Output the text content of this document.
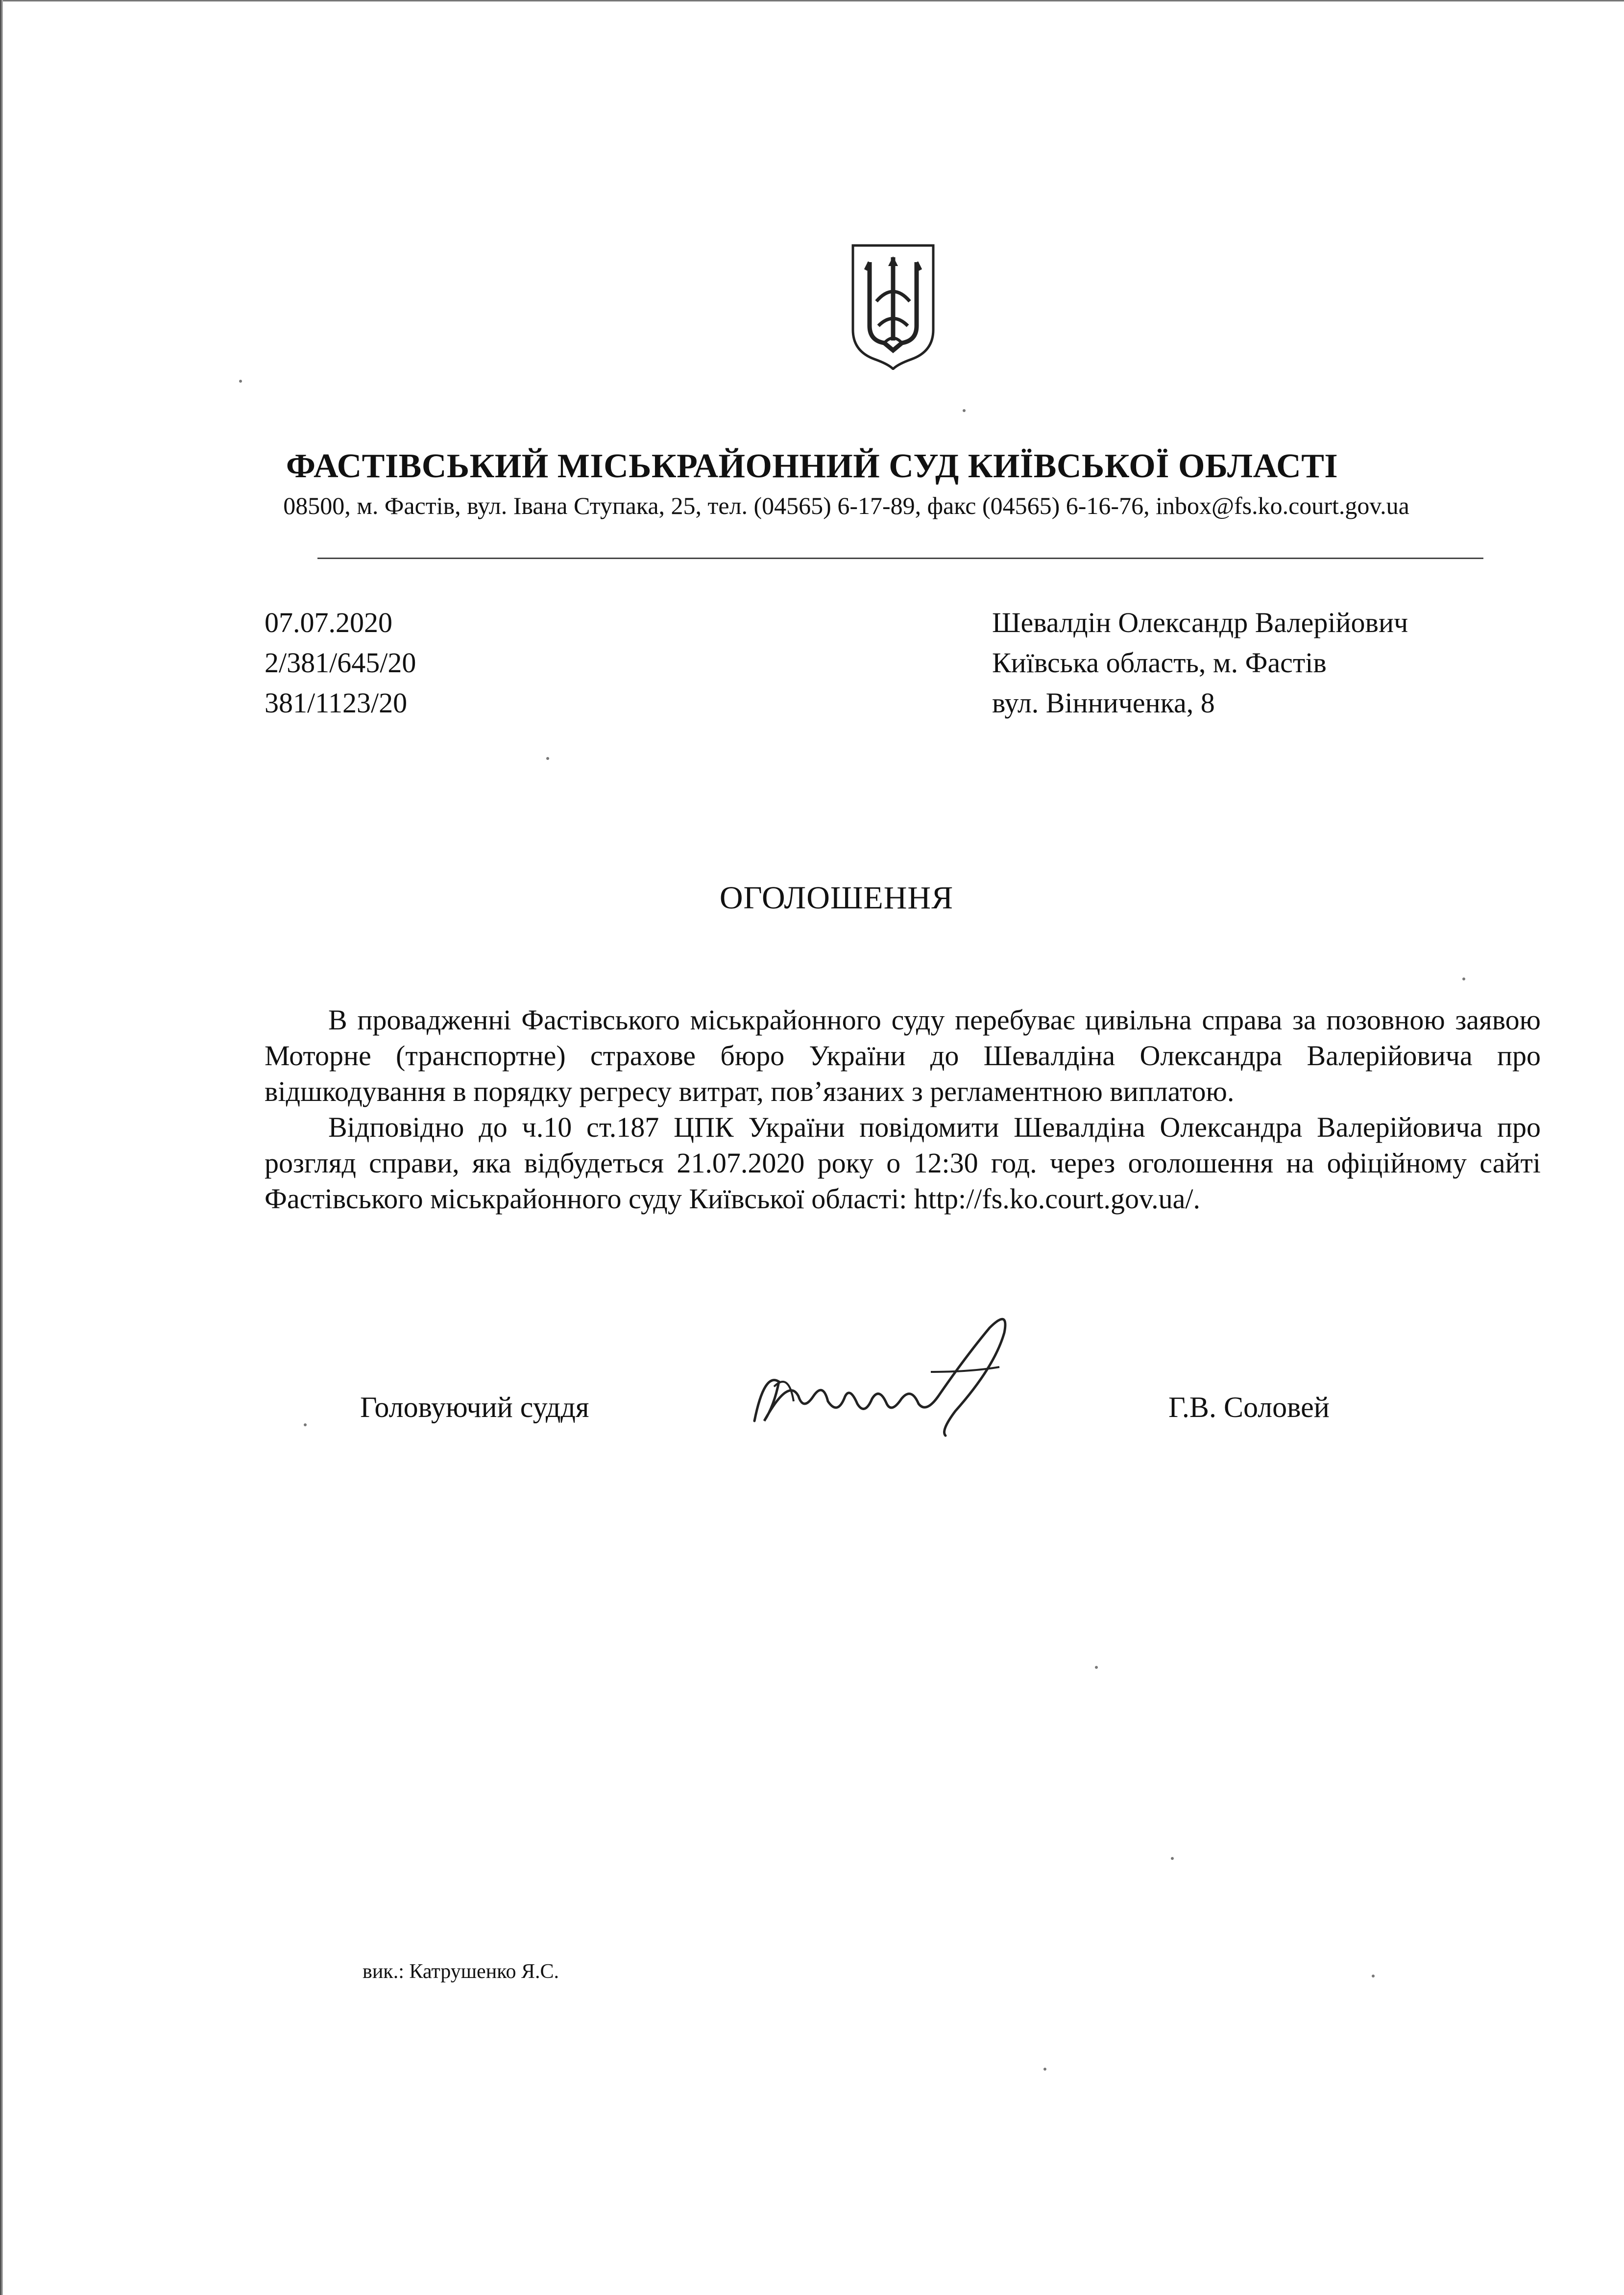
ФАСТІВСЬКИЙ МІСЬКРАЙОННИЙ СУД КИЇВСЬКОЇ ОБЛАСТІ
08500, м. Фастів, вул. Івана Ступака, 25, тел. (04565) 6-17-89, факс (04565) 6-16-76, inbox@fs.ko.court.gov.ua
07.07.2020
2/381/645/20
381/1123/20
Шевалдін Олександр Валерійович
Київська область, м. Фастів
вул. Вінниченка, 8
ОГОЛОШЕННЯ

В провадженні Фастівського міськрайонного суду перебуває цивільна справа за позовною заявою Моторне (транспортне) страхове бюро України до Шевалдіна Олександра Валерійовича про відшкодування в порядку регресу витрат, пов’язаних з регламентною виплатою.

Відповідно до ч.10 ст.187 ЦПК України повідомити Шевалдіна Олександра Валерійовича про розгляд справи, яка відбудеться 21.07.2020 року о 12:30 год. через оголошення на офіційному сайті Фастівського міськрайонного суду Київської області: http://fs.ko.court.gov.ua/.

Головуючий суддя	Г.В. Соловей
вик.: Катрушенко Я.С.
